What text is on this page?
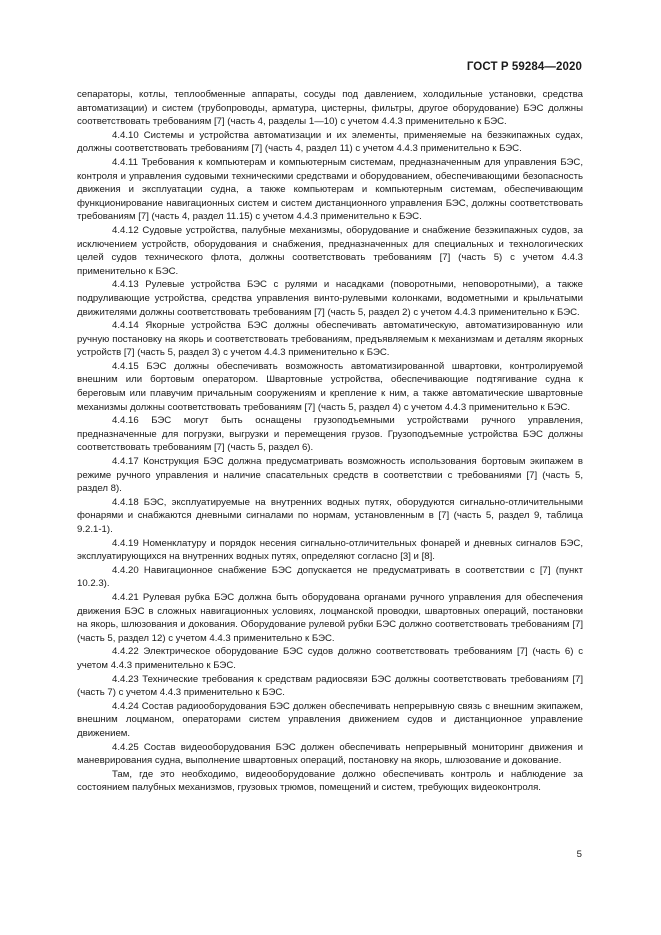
ГОСТ Р 59284—2020

сепараторы, котлы, теплообменные аппараты, сосуды под давлением, холодильные установки, средства автоматизации) и систем (трубопроводы, арматура, цистерны, фильтры, другое оборудование) БЭС должны соответствовать требованиям [7] (часть 4, разделы 1—10) с учетом 4.4.3 применительно к БЭС.

4.4.10 Системы и устройства автоматизации и их элементы, применяемые на безэкипажных судах, должны соответствовать требованиям [7] (часть 4, раздел 11) с учетом 4.4.3 применительно к БЭС.

4.4.11 Требования к компьютерам и компьютерным системам, предназначенным для управления БЭС, контроля и управления судовыми техническими средствами и оборудованием, обеспечивающими безопасность движения и эксплуатации судна, а также компьютерам и компьютерным системам, обеспечивающим функционирование навигационных систем и систем дистанционного управления БЭС, должны соответствовать требованиям [7] (часть 4, раздел 11.15) с учетом 4.4.3 применительно к БЭС.

4.4.12 Судовые устройства, палубные механизмы, оборудование и снабжение безэкипажных судов, за исключением устройств, оборудования и снабжения, предназначенных для специальных и технологических целей судов технического флота, должны соответствовать требованиям [7] (часть 5) с учетом 4.4.3 применительно к БЭС.

4.4.13 Рулевые устройства БЭС с рулями и насадками (поворотными, неповоротными), а также подруливающие устройства, средства управления винто-рулевыми колонками, водометными и крыльчатыми движителями должны соответствовать требованиям [7] (часть 5, раздел 2) с учетом 4.4.3 применительно к БЭС.

4.4.14 Якорные устройства БЭС должны обеспечивать автоматическую, автоматизированную или ручную постановку на якорь и соответствовать требованиям, предъявляемым к механизмам и деталям якорных устройств [7] (часть 5, раздел 3) с учетом 4.4.3 применительно к БЭС.

4.4.15 БЭС должны обеспечивать возможность автоматизированной швартовки, контролируемой внешним или бортовым оператором. Швартовные устройства, обеспечивающие подтягивание судна к береговым или плавучим причальным сооружениям и крепление к ним, а также автоматические швартовные механизмы должны соответствовать требованиям [7] (часть 5, раздел 4) с учетом 4.4.3 применительно к БЭС.

4.4.16 БЭС могут быть оснащены грузоподъемными устройствами ручного управления, предназначенные для погрузки, выгрузки и перемещения грузов. Грузоподъемные устройства БЭС должны соответствовать требованиям [7] (часть 5, раздел 6).

4.4.17 Конструкция БЭС должна предусматривать возможность использования бортовым экипажем в режиме ручного управления и наличие спасательных средств в соответствии с требованиями [7] (часть 5, раздел 8).

4.4.18 БЭС, эксплуатируемые на внутренних водных путях, оборудуются сигнально-отличительными фонарями и снабжаются дневными сигналами по нормам, установленным в [7] (часть 5, раздел 9, таблица 9.2.1-1).

4.4.19 Номенклатуру и порядок несения сигнально-отличительных фонарей и дневных сигналов БЭС, эксплуатирующихся на внутренних водных путях, определяют согласно [3] и [8].

4.4.20 Навигационное снабжение БЭС допускается не предусматривать в соответствии с [7] (пункт 10.2.3).

4.4.21 Рулевая рубка БЭС должна быть оборудована органами ручного управления для обеспечения движения БЭС в сложных навигационных условиях, лоцманской проводки, швартовных операций, постановки на якорь, шлюзования и докования. Оборудование рулевой рубки БЭС должно соответствовать требованиям [7] (часть 5, раздел 12) с учетом 4.4.3 применительно к БЭС.

4.4.22 Электрическое оборудование БЭС судов должно соответствовать требованиям [7] (часть 6) с учетом 4.4.3 применительно к БЭС.

4.4.23 Технические требования к средствам радиосвязи БЭС должны соответствовать требованиям [7] (часть 7) с учетом 4.4.3 применительно к БЭС.

4.4.24 Состав радиооборудования БЭС должен обеспечивать непрерывную связь с внешним экипажем, внешним лоцманом, операторами систем управления движением судов и дистанционное управление движением.

4.4.25 Состав видеооборудования БЭС должен обеспечивать непрерывный мониторинг движения и маневрирования судна, выполнение швартовных операций, постановку на якорь, шлюзование и докование.

Там, где это необходимо, видеооборудование должно обеспечивать контроль и наблюдение за состоянием палубных механизмов, грузовых трюмов, помещений и систем, требующих видеоконтроля.

5
